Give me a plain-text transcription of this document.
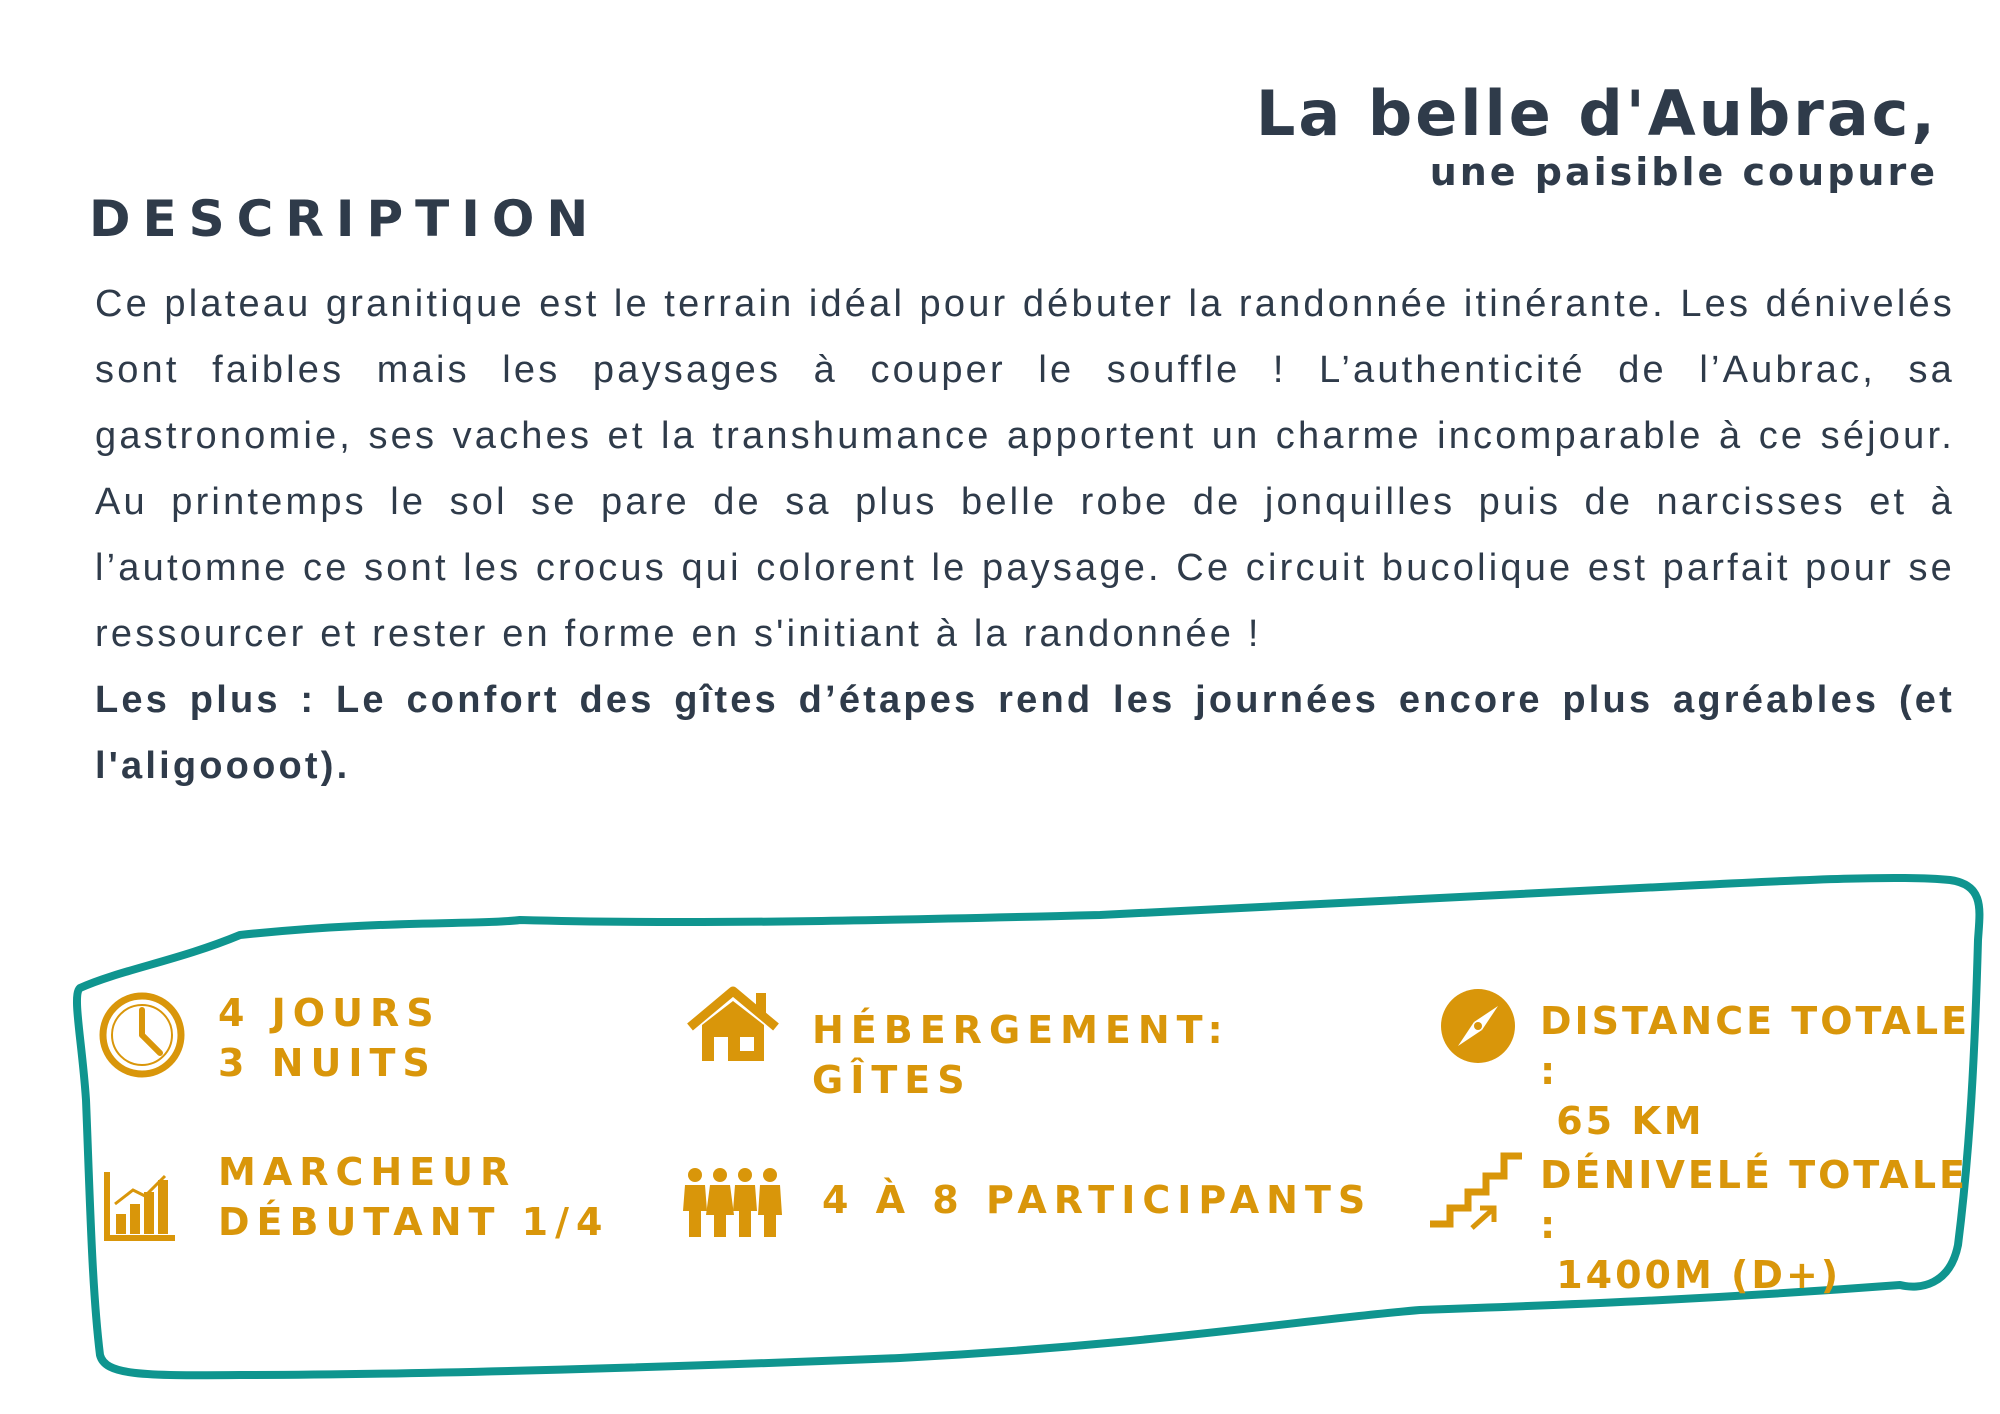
La belle d'Aubrac,
une paisible coupure
DESCRIPTION

Ce plateau granitique est le terrain idéal pour débuter la randonnée itinérante. Les dénivelés sont faibles mais les paysages à couper le souffle ! L’authenticité de l’Aubrac, sa gastronomie, ses vaches et la transhumance apportent un charme incomparable à ce séjour. Au printemps le sol se pare de sa plus belle robe de jonquilles puis de narcisses et à l’automne ce sont les crocus qui colorent le paysage. Ce circuit bucolique est parfait pour se ressourcer et rester en forme en s'initiant à la randonnée !
Les plus : Le confort des gîtes d’étapes rend les journées encore plus agréables (et l'aligoooot).

4 JOURS
3 NUITS
HÉBERGEMENT:
GÎTES
DISTANCE TOTALE :
65 KM
MARCHEUR
DÉBUTANT 1/4	4 À 8 PARTICIPANTS
DÉNIVELÉ TOTALE :
1400M (D+)
